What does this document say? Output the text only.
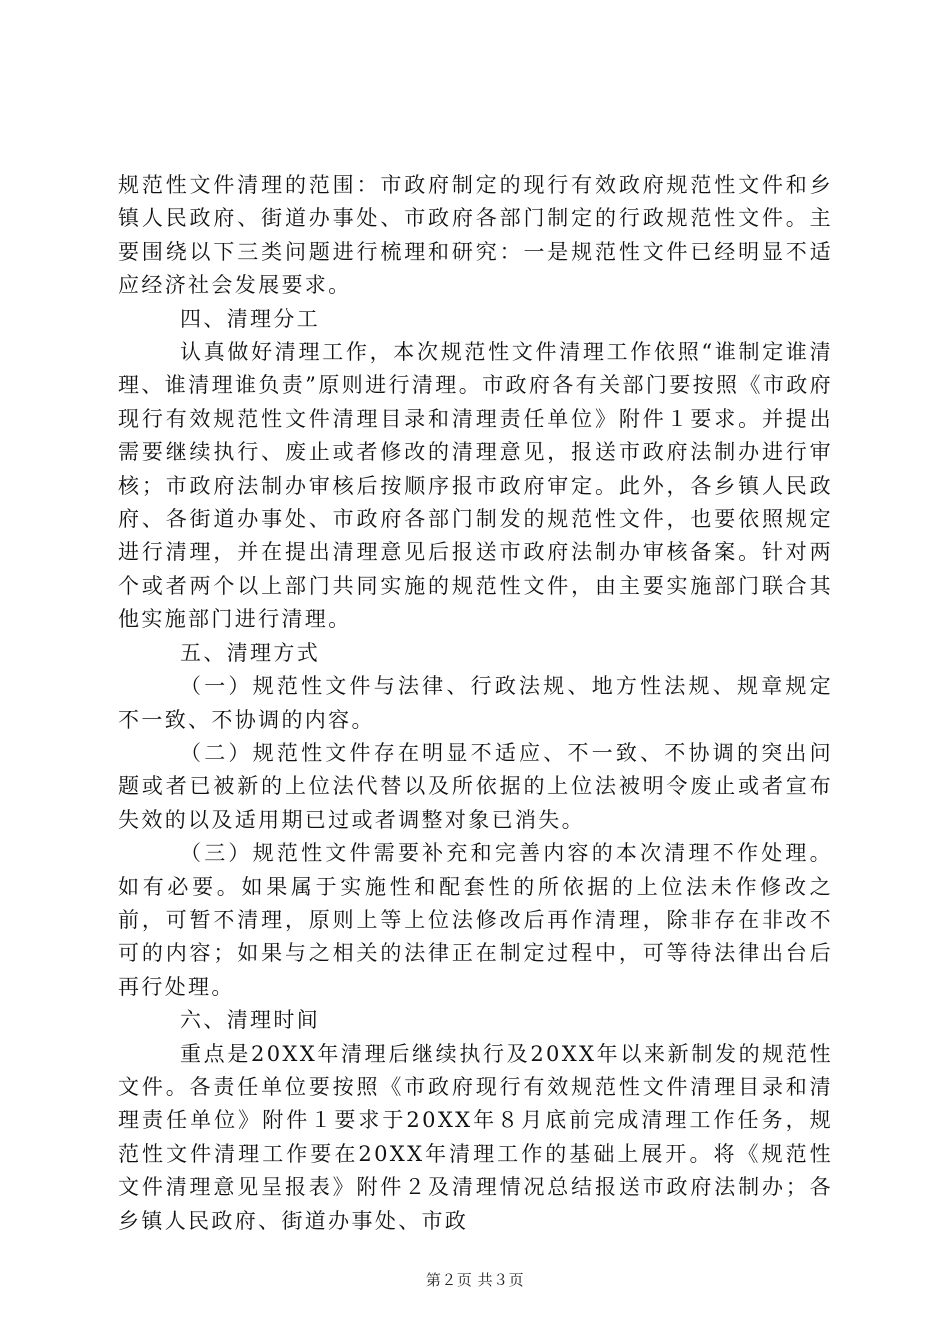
规范性文件清理的范围：市政府制定的现行有效政府规范性文件和乡镇人民政府、街道办事处、市政府各部门制定的行政规范性文件。主要围绕以下三类问题进行梳理和研究：一是规范性文件已经明显不适应经济社会发展要求。

四、清理分工

认真做好清理工作，本次规范性文件清理工作依照“谁制定谁清理、谁清理谁负责”原则进行清理。市政府各有关部门要按照《市政府现行有效规范性文件清理目录和清理责任单位》附件１要求。并提出需要继续执行、废止或者修改的清理意见，报送市政府法制办进行审核；市政府法制办审核后按顺序报市政府审定。此外，各乡镇人民政府、各街道办事处、市政府各部门制发的规范性文件，也要依照规定进行清理，并在提出清理意见后报送市政府法制办审核备案。针对两个或者两个以上部门共同实施的规范性文件，由主要实施部门联合其他实施部门进行清理。

五、清理方式

（一）规范性文件与法律、行政法规、地方性法规、规章规定不一致、不协调的内容。

（二）规范性文件存在明显不适应、不一致、不协调的突出问题或者已被新的上位法代替以及所依据的上位法被明令废止或者宣布失效的以及适用期已过或者调整对象已消失。

（三）规范性文件需要补充和完善内容的本次清理不作处理。如有必要。如果属于实施性和配套性的所依据的上位法未作修改之前，可暂不清理，原则上等上位法修改后再作清理，除非存在非改不可的内容；如果与之相关的法律正在制定过程中，可等待法律出台后再行处理。

六、清理时间

重点是20XX年清理后继续执行及20XX年以来新制发的规范性文件。各责任单位要按照《市政府现行有效规范性文件清理目录和清理责任单位》附件１要求于20XX年８月底前完成清理工作任务，规范性文件清理工作要在20XX年清理工作的基础上展开。将《规范性文件清理意见呈报表》附件２及清理情况总结报送市政府法制办；各乡镇人民政府、街道办事处、市政

第２页 共３页
